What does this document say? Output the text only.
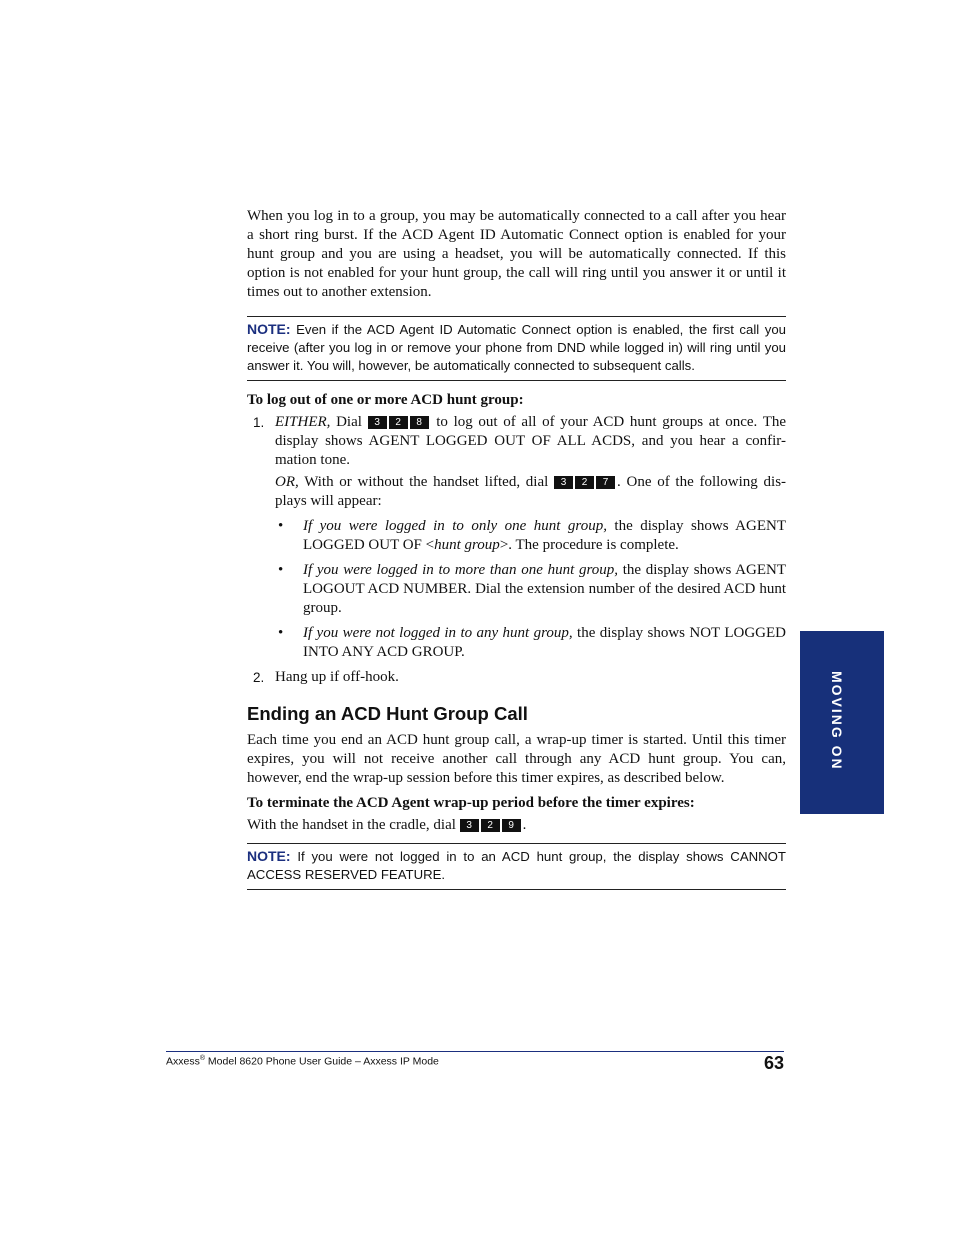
When you log in to a group, you may be automatically connected to a call after you hear a short ring burst. If the ACD Agent ID Automatic Connect option is enabled for your hunt group and you are using a headset, you will be automatically connected. If this option is not enabled for your hunt group, the call will ring until you answer it or until it times out to another extension.

NOTE: Even if the ACD Agent ID Automatic Connect option is enabled, the first call you receive (after you log in or remove your phone from DND while logged in) will ring until you answer it. You will, however, be automatically connected to subsequent calls.

To log out of one or more ACD hunt group:

1. EITHER, Dial 3 2 8 to log out of all of your ACD hunt groups at once. The display shows AGENT LOGGED OUT OF ALL ACDS, and you hear a confir-mation tone.

OR, With or without the handset lifted, dial 3 2 7 . One of the following dis-plays will appear:

• If you were logged in to only one hunt group, the display shows AGENT LOGGED OUT OF <hunt group>. The procedure is complete.
• If you were logged in to more than one hunt group, the display shows AGENT LOGOUT ACD NUMBER. Dial the extension number of the desired ACD hunt group.
• If you were not logged in to any hunt group, the display shows NOT LOGGED INTO ANY ACD GROUP.
2. Hang up if off-hook.

Ending an ACD Hunt Group Call

Each time you end an ACD hunt group call, a wrap-up timer is started. Until this timer expires, you will not receive another call through any ACD hunt group. You can, however, end the wrap-up session before this timer expires, as described below.

To terminate the ACD Agent wrap-up period before the timer expires:

With the handset in the cradle, dial 3 2 9 .

NOTE: If you were not logged in to an ACD hunt group, the display shows CANNOT ACCESS RESERVED FEATURE.
MOVING ON
Axxess® Model 8620 Phone User Guide – Axxess IP Mode	63
